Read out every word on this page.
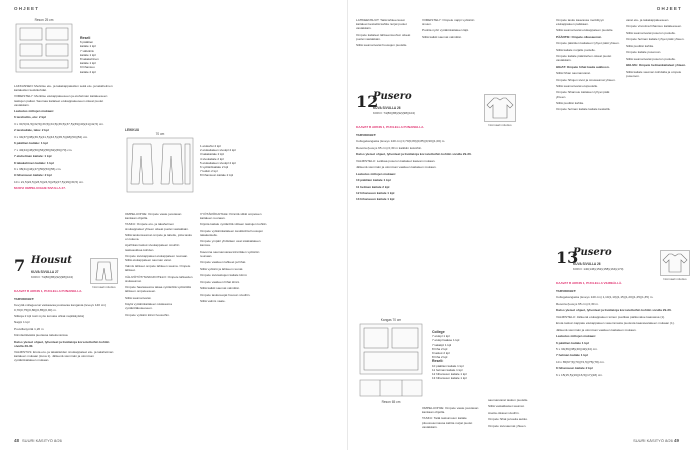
OHJEET
Reson 25 cm
Reseli
6 päättien
kaitale 1 kpl
7 väliväriä
kaitale 1 kpl
8 takakehinen
kaitale 1 kpl
9 hihansuu
kaitale 2 kpl

LAKKANSEN: Merkitse etu- ja takakappaleiden sekä etu- ja takahelmen kaitaleiden keskikohdat.

VIIMEISTELY: Merkitse etukappaleeseen ja etuhelman kaitaleeseen taskujen paikat. Saumaa kaitaleet etukappaleeseen oikeat puolet vastakkain.

Laskutus mittojen mukaan:

6 terehattio, etu: 2 kpl

3 x 30,5(31,5)(32,5)(33,5)(34,5)(36,5)(37,5)(39)(40)(41)(42,5) cm.

2 terekaitale, taka: 2 kpl

3 x 34(37)(38)(39,5)(41,5)(43,5)(45,5)(48)(50)(52) cm.

6 päättien kaitale: 1 kpl

7 x 40(44)(46)(50)(54)(58)(62)(66)(70) cm.

7 etuhelman kaitale: 1 kpl

8 takakehinen kaitale: 1 kpl

9 x 38(41)(44)(47)(50)(53)(56) cm.

9 hihansuun kaitale: 2 kpl

10 x 21,5(22,5)(23,5)(24,5)(26)(27,5)(29)(30,5) cm.

MUOVI OMPELUOHJE SIVULLA 27.

7 Housut
KUVA SIVULLA 27
KOKO: 74(80)(86)(92)(98)(104)

KAAVAT B ARKIN 1, PUOLELLA PUNAISELLA.

TARVIKKEET:

Kevyttä collegea tai vastaavaa joustavaa kangasta (leveys 140 cm) 0,70(0,75)(0,80)(0,85)(0,90) m.

Siilkoja 2 kpl tosti myös korvata ohkat napitkäyttöä)

Nappi 1 kpl

Puuvillanyöriä 1,20 m

Kiinnitettävästä puolassa taitekuvioissa

Katso yleiset ohjeet, lyhenteet ja lisätietoja korsotettuihin kohtiin sivulla 29-30.

VALMISTUS: Erota etu- ja takakitelden sivukappaleet etu- ja takahelman kaitaleen mukaan (kuva 1). Jälleenä siemmän ja ulomman vyötärökaitaleen mukaan.

Normaali mitoitus
LEIKKUU
70 cm
1 etukahvi 2 kpl
2 etukaitaleen sivukpl 2 kpl
3 takakaitale 2 kpl
4 sivukaitale 2 kpl
5 etukaitaleen sivukpl 2 kpl
6 vyötärökaitale 2 kpl
7 kutkin 2 kpl
8 hihansuun kaitale 2 kpl

OMPELUOHJE: Ompele vaate juostavan kankaan ohjeilla.

TASKU: Ompele etu- ja takahelmen sivukappaleet yhteen oikeat puolet vastakkain.

Silitä taskunsaumat ompele ja taitettu, jotta tasku on tukeva.

Ajurihkasi taskut sivukappaleen sivuihin taskuaukkoa kohden.

Ompele sivukappaleet etukappaleen reunaan. Silitä etukappaleen sauman varat.

Valmis lahkeet ompele lahkeen sauma. Ompele lahkeet.

VÄLIVÖTÖT/TASKUKOTELO: Ompele lahkeiden sisäsaumat.

Ompele haarasauma takaa vyötäröltä vyötäröltä lahkeen ompeleeseen.

Silitä saumanvarat.

Käytä vyötärökaitaleen sisäsauma vyötäröläkuteeseen.

Ompele vyötärö kiinni housuihin.

VYÖTÄRÖKAITALE: Kiinnitä silkki ompeleen kaitaleen reunaan.

Kirjoita kaitale vyötäröltä viittaen taskujen kohtiin.

Ompele vyötärökaitaleen keskikohta housujen takakeskelle.

Ompele ympäri yhdistäen osat sisäkaitaleen kanssa.

Kavenna saumanvaraa kiinnittäen vyötärön reunaan.

Ompele vaatteen lahkeet ja hihat.

Silitä vyötärö ja lahkeen reunat.

Ompele sivutaskujen kaitale kiinni.

Ompele vaatteen hihat kiinni.

Silitä kaikki saumat valmiiksi.

Ompele taskusuojat housun sivuihin.

Silitä valmis vaate.

48 SUURI KÄSITYÖ 8/26
OHJEET

LAHKEENSUUT: Taitä lahkeensuun kaitaleet keskeltä kahtia nurjat puolet vastakkain.

Ompele kaitaleet lahkeensuuhun oikeat puolet vastakkain.

Silitä saumanvarat housujen puolelle.

VIIMEISTELY: Ompele nappi vyötärön sivuun.

Puolita nyöri vyötärökaitaleen läpi.

Silitä kaikki saumat valmiiksi.

12
Pusero
KUVA SIVULLA 26
KOKO: 74(80)(86)(92)(98)(104)

KAAVAT B ARKIN 1, PUOLELLA PUNAISELLA.

TARVIKKEET:

Collegekangasta (leveys 140 cm) 0,70(0,80)(0,85)(0,90)(1,00) m.

Resoria (leveys 65 cm) 0,30 m kaikkiin kokoihin.

Katso yleiset ohjeet, lyhenteet ja lisätietoja korostettuihin kohtiin sivulla 29-30.

VALMISTELU: Leikkaa puseron kaitaleet kaavan mukaan.

Jälleenä siemmän ja ulomman vaatteen kaitaleen mukaan.

Laskutus mittojen mukaan:

10 päättien kaitale 1 kpl

11 helman kaitale 2 kpl

12 hihansuun kaitale 1 kpl

13 hihansuun kaitale 1 kpl

Normaali mitoitus
Kangas 70 cm
Reson 65 cm
College
7 etukpl 1 kpl
7 etukpl taakse 1 kpl
7 takakpl 1 kpl
8 hiha 2 kpl
9 taskut 2 kpl
8 hiha 2 kpl
Reseli:
10 päättien kaitale 1 kpl
11 helman kaitale 1 kpl
12 hihansuun kaitale 1 kpl
13 hihansuun kaitale 1 kpl

OMPELUOHJE: Ompele vaate joustavan kankaan ohjeilla.

TASKU: Taitä taskunsuun kaitale pituussuunnassa kahtia nurjat puolet vastakkain.

saumanvarat taskun puolelle.

Silitä vastakkaiset saumat.

Asetta olkaset sivuihin.

Ompele hihat ja kaula aukko.

Ompele sivusaumat yhteen.

Ompele tasku kaavassa merkittyyn etukappaleen paikkaan.

Silitä saumanvarat etukappaleen puolelle.

PÄÄNTIE: Ompele olkasaumat.

Ompele pääntien kaitaleen lyhyet päät yhteen.

Silitä kaitale nurjalle puolelle.

Ompele kaitale pääntiehen oikeat puolet vastakkain.

HIHAT: Ompele hihat kaula aukkoon.

Silitä hihan saumanvarat.

Ompele hihojen sivut ja sivusaumat yhteen.

Silitä saumanvarat etupuolelle.

Ompele hihansuu kaitaleen lyhyet päät yhteen.

Silitä puoliksi kahtia.

Ompele helman kaitale kaitale keskellä.

varat etu- ja takakappaleeseen.

Ompele vinoviiva hihansuu kaitaleeseen.

Silitä saumanvarat puseron puolelle.

Ompele helman kaitale lyhyet päät yhteen.

Silitä puoliksi kahtia.

Ompele kaitale puseroon.

Silitä saumanvarat puseron puolelle.

HELMA: Ompele helmankaitaleet yhteen.

Silitä kaitale sauman kohdalta ja ompele puseroon.

13
Pusero
KUVA SIVULLA 26
KOKO: 140(146)(152)(158)(164)(170)

KAAVAT B ARKIN 1, PUOLELLA VIHREÄLLÄ.

TARVIKKEET:

Collegekangasta (leveys 140 cm) 1,10(1,10)(1,15)(1,20)(1,25)(1,35) m.

Resoria (leveys 65 cm) 0,30 m.

Katso yleiset ohjeet, lyhenteet ja lisätietoja korostettuihin kohtiin sivulla 29-30.

VALMISTELU: Jälleenä etukappaleen toinen puolikas pailkuvalue kaavassa (1).

Erota taskun kappale etukappaleen vasemmasta puolesta kaavavarakeen mukaan (1).

Jälleenä siemmän ja ulomman vaatteen kaitaleen mukaan.

Laskutus mittojen mukaan:

6 päättien kaitale 1 kpl

5 x 34(36)(38)(40)(42)(44) cm.

7 helman kaitale 1 kpl

10 x 65(67,5)(70)(72,5)(75)(78) cm.

8 hihansuun kaitale 2 kpl

6 x 15(15,5)(16)(16,5)(17)(18) cm.

Normaali mitoitus
SUURI KÄSITYÖ 8/26 49
